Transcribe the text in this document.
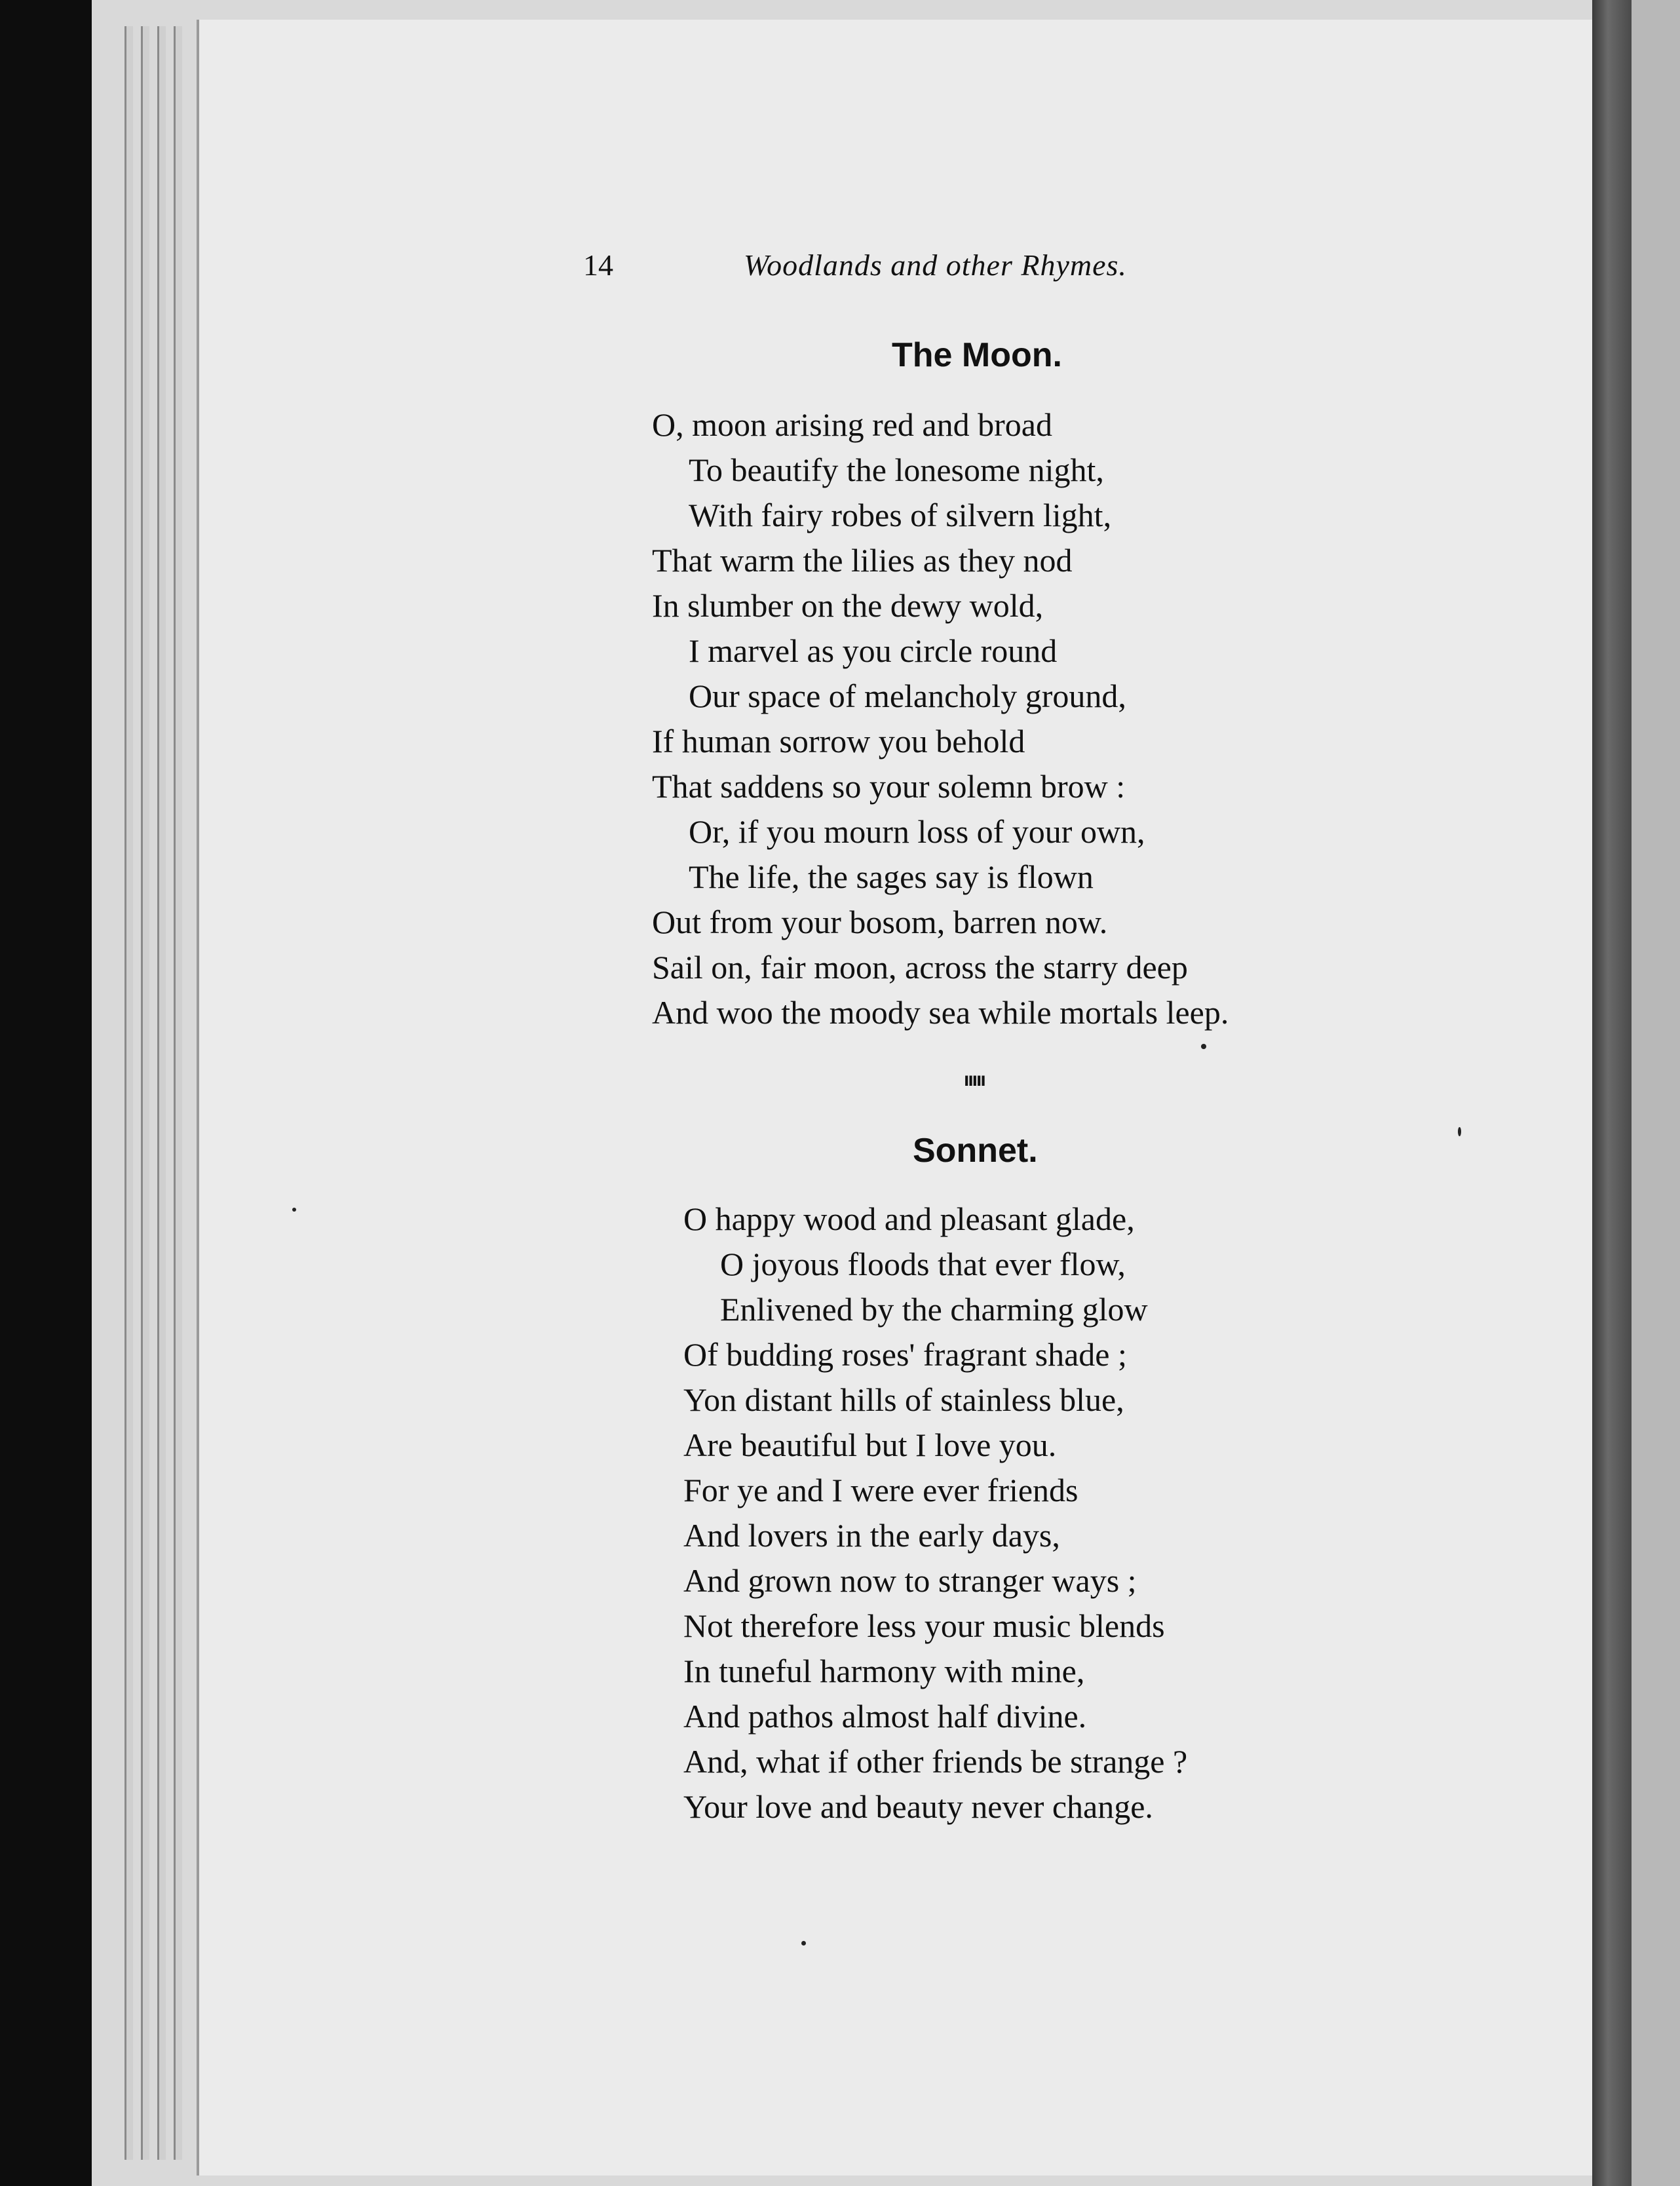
14	Woodlands and other Rhymes.
The Moon.
O, moon arising red and broad
To beautify the lonesome night,
With fairy robes of silvern light,
That warm the lilies as they nod
In slumber on the dewy wold,
I marvel as you circle round
Our space of melancholy ground,
If human sorrow you behold
That saddens so your solemn brow :
Or, if you mourn loss of your own,
The life, the sages say is flown
Out from your bosom, barren now.
Sail on, fair moon, across the starry deep
And woo the moody sea while mortals leep.
ııııı
Sonnet.
O happy wood and pleasant glade,
O joyous floods that ever flow,
Enlivened by the charming glow
Of budding roses' fragrant shade ;
Yon distant hills of stainless blue,
Are beautiful but I love you.
For ye and I were ever friends
And lovers in the early days,
And grown now to stranger ways ;
Not therefore less your music blends
In tuneful harmony with mine,
And pathos almost half divine.
And, what if other friends be strange ?
Your love and beauty never change.
